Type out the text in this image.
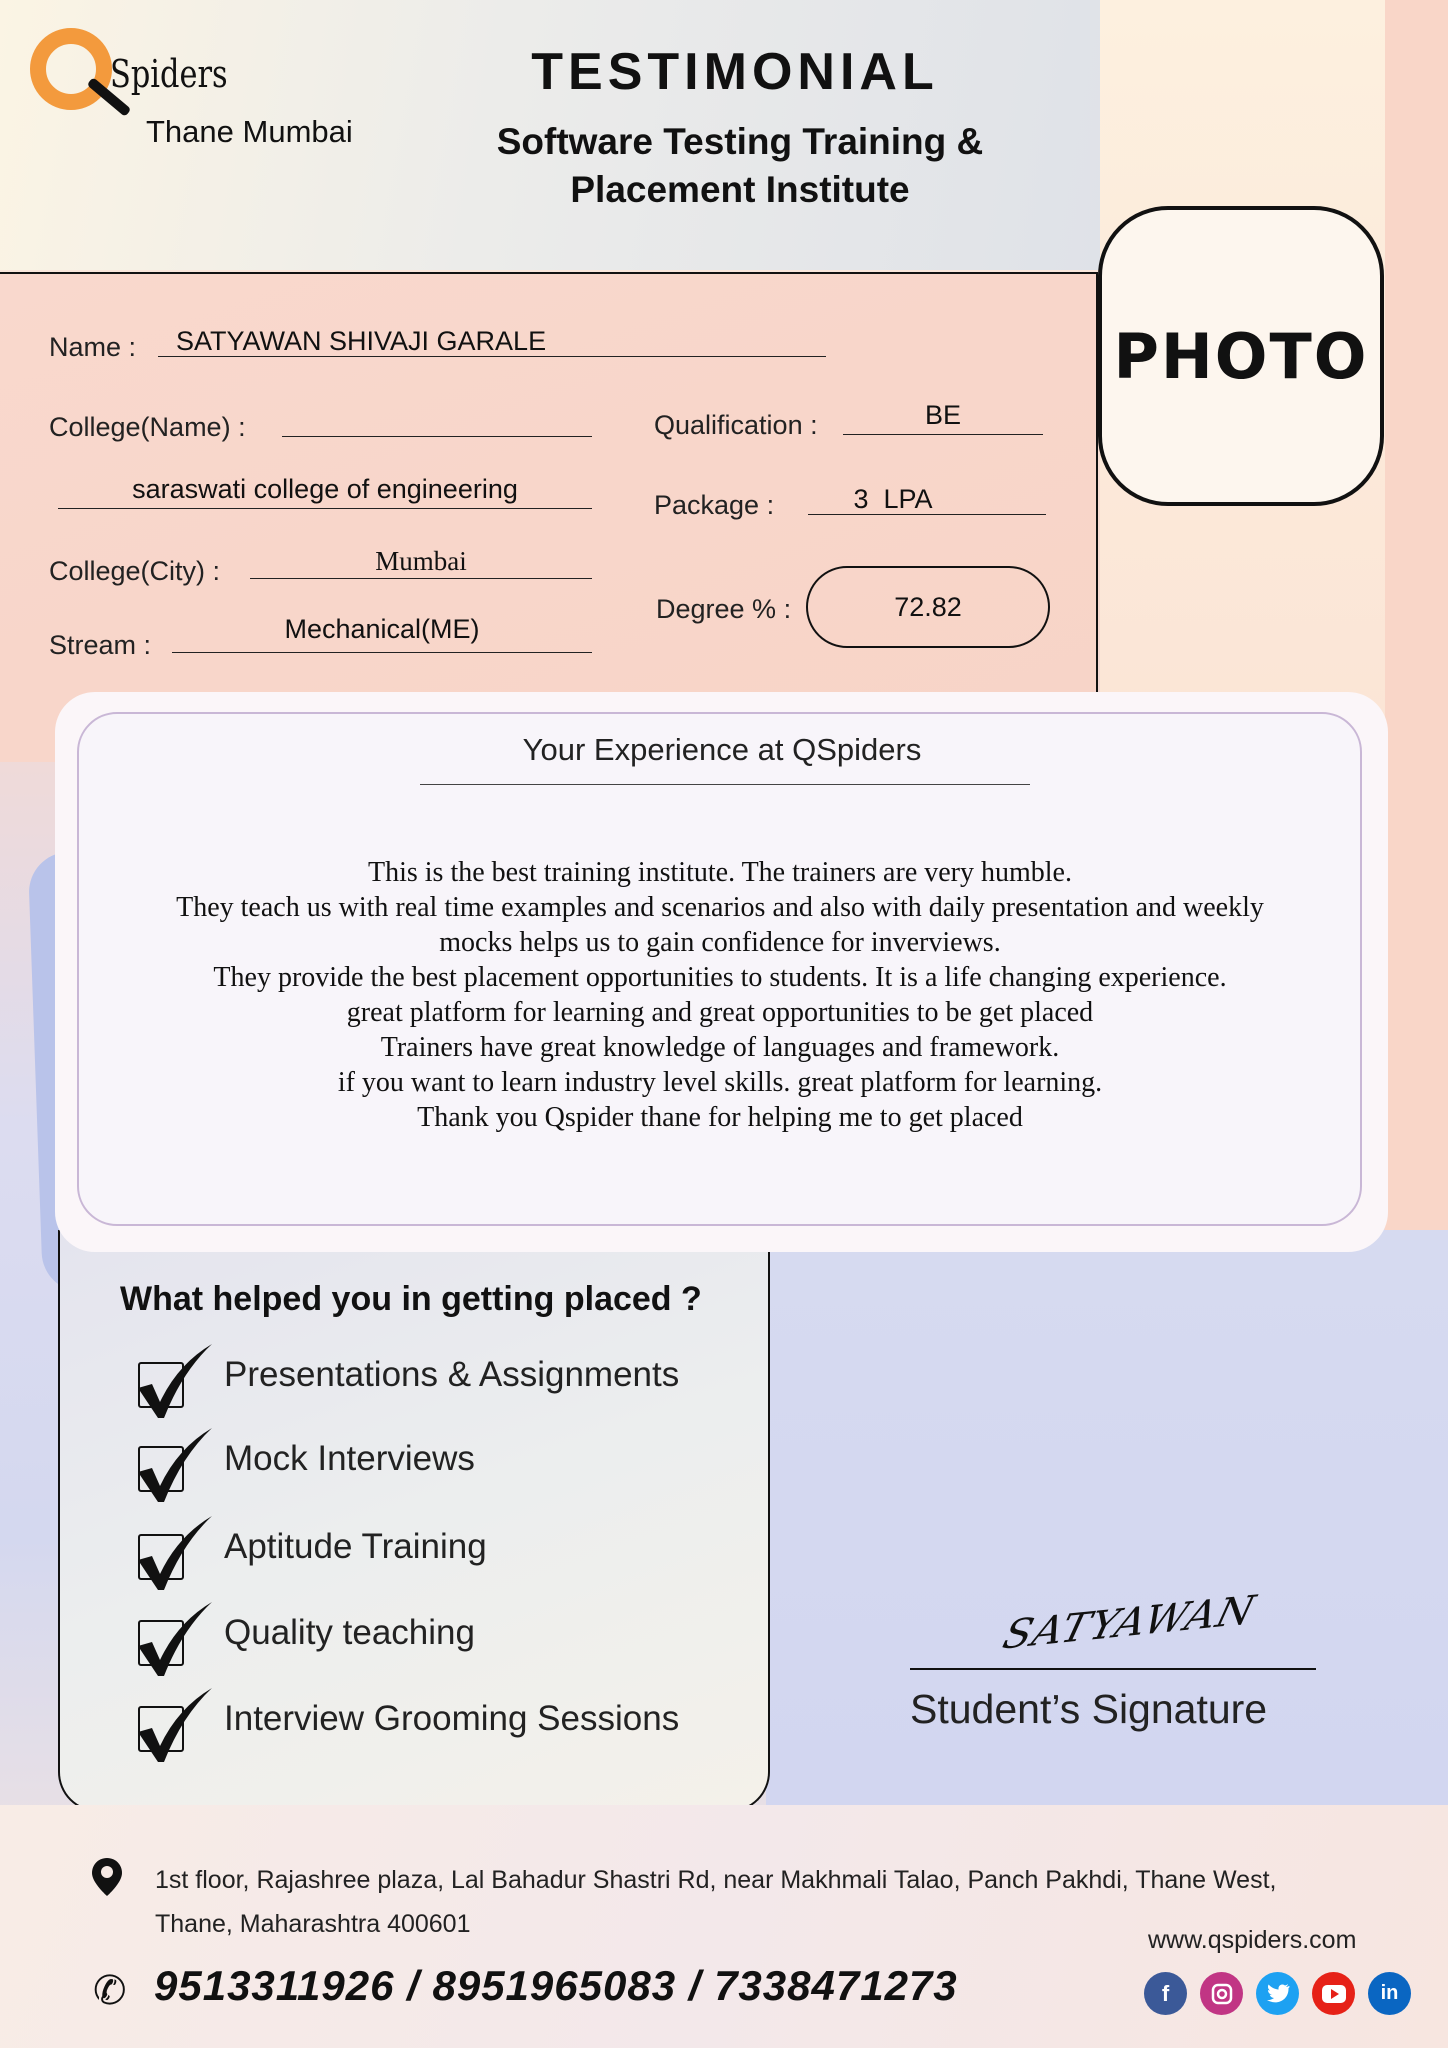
Spiders
Thane Mumbai
TESTIMONIAL
Software Testing Training &
Placement Institute
PHOTO
Name :	SATYAWAN SHIVAJI GARALE
College(Name) :
saraswati college of engineering
College(City) :	Mumbai
Stream :
Mechanical(ME)
Qualification :	BE
Package :	3  LPA
Degree % :	72.82
Your Experience at QSpiders
This is the best training institute. The trainers are very humble.
They teach us with real time examples and scenarios and also with daily presentation and weekly
mocks helps us to gain confidence for inverviews.
They provide the best placement opportunities to students. It is a life changing experience.
great platform for learning and great opportunities to be get placed
Trainers have great knowledge of languages and framework.
if you want to learn industry level skills. great platform for learning.
Thank you Qspider thane for helping me to get placed
What helped you in getting placed ?
Presentations & Assignments
Mock Interviews
Aptitude Training
Quality teaching
Interview Grooming Sessions
SATYAWAN
Student’s Signature
1st floor, Rajashree plaza, Lal Bahadur Shastri Rd, near Makhmali Talao, Panch Pakhdi, Thane West,
Thane, Maharashtra 400601
✆ 9513311926 / 8951965083 / 7338471273
www.qspiders.com
f	in
